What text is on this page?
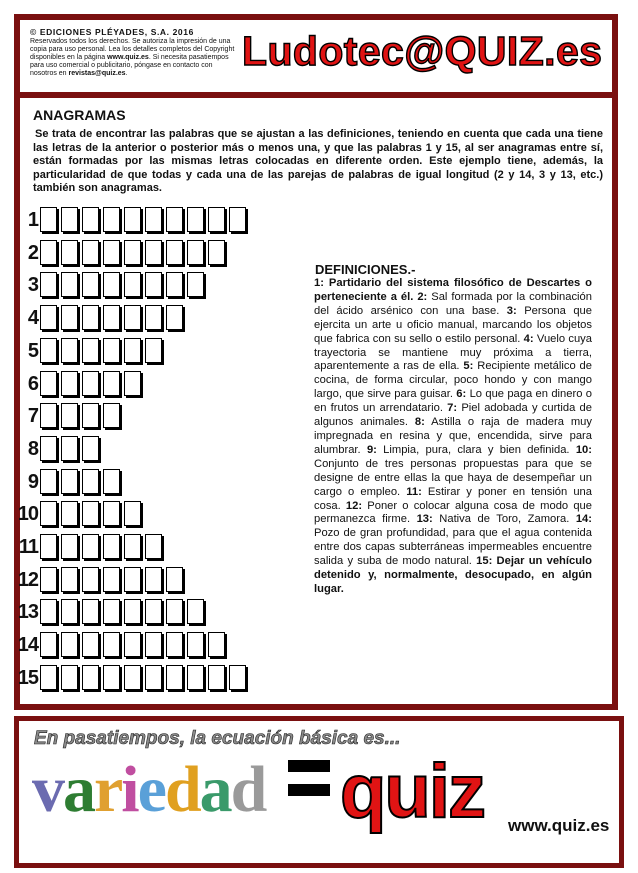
© EDICIONES PLÉYADES, S.A. 2016
Reservados todos los derechos. Se autoriza la impresión de una copia para uso personal. Lea los detalles completos del Copyright disponibles en la página www.quiz.es. Si necesita pasatiempos para uso comercial o publicitario, póngase en contacto con nosotros en revistas@quiz.es.	Ludotec@QUIZ.es
ANAGRAMAS
Se trata de encontrar las palabras que se ajustan a las definiciones, teniendo en cuenta que cada una tiene las letras de la anterior o posterior más o menos una, y que las palabras 1 y 15, al ser anagramas entre sí, están formadas por las mismas letras colocadas en diferente orden. Este ejemplo tiene, además, la particularidad de que todas y cada una de las parejas de palabras de igual longitud (2 y 14, 3 y 13, etc.) también son anagramas.
1
2
3
4
5
6
7
8
9
10
11
12
13
14
15
DEFINICIONES.-
1: Partidario del sistema filosófico de Descartes o perteneciente a él. 2: Sal formada por la combinación del ácido arsénico con una base. 3: Persona que ejercita un arte u oficio manual, marcando los objetos que fabrica con su sello o estilo personal. 4: Vuelo cuya trayectoria se mantiene muy próxima a tierra, aparentemente a ras de ella. 5: Recipiente metálico de cocina, de forma circular, poco hondo y con mango largo, que sirve para guisar. 6: Lo que paga en dinero o en frutos un arrendatario. 7: Piel adobada y curtida de algunos animales. 8: Astilla o raja de madera muy impregnada en resina y que, encendida, sirve para alumbrar. 9: Limpia, pura, clara y bien definida. 10: Conjunto de tres personas propuestas para que se designe de entre ellas la que haya de desempeñar un cargo o empleo. 11: Estirar y poner en tensión una cosa. 12: Poner o colocar alguna cosa de modo que permanezca firme. 13: Nativa de Toro, Zamora. 14: Pozo de gran profundidad, para que el agua contenida entre dos capas subterráneas impermeables encuentre salida y suba de modo natural. 15: Dejar un vehículo detenido y, normalmente, desocupado, en algún lugar.
En pasatiempos, la ecuación básica es...
variedad quiz www.quiz.es
